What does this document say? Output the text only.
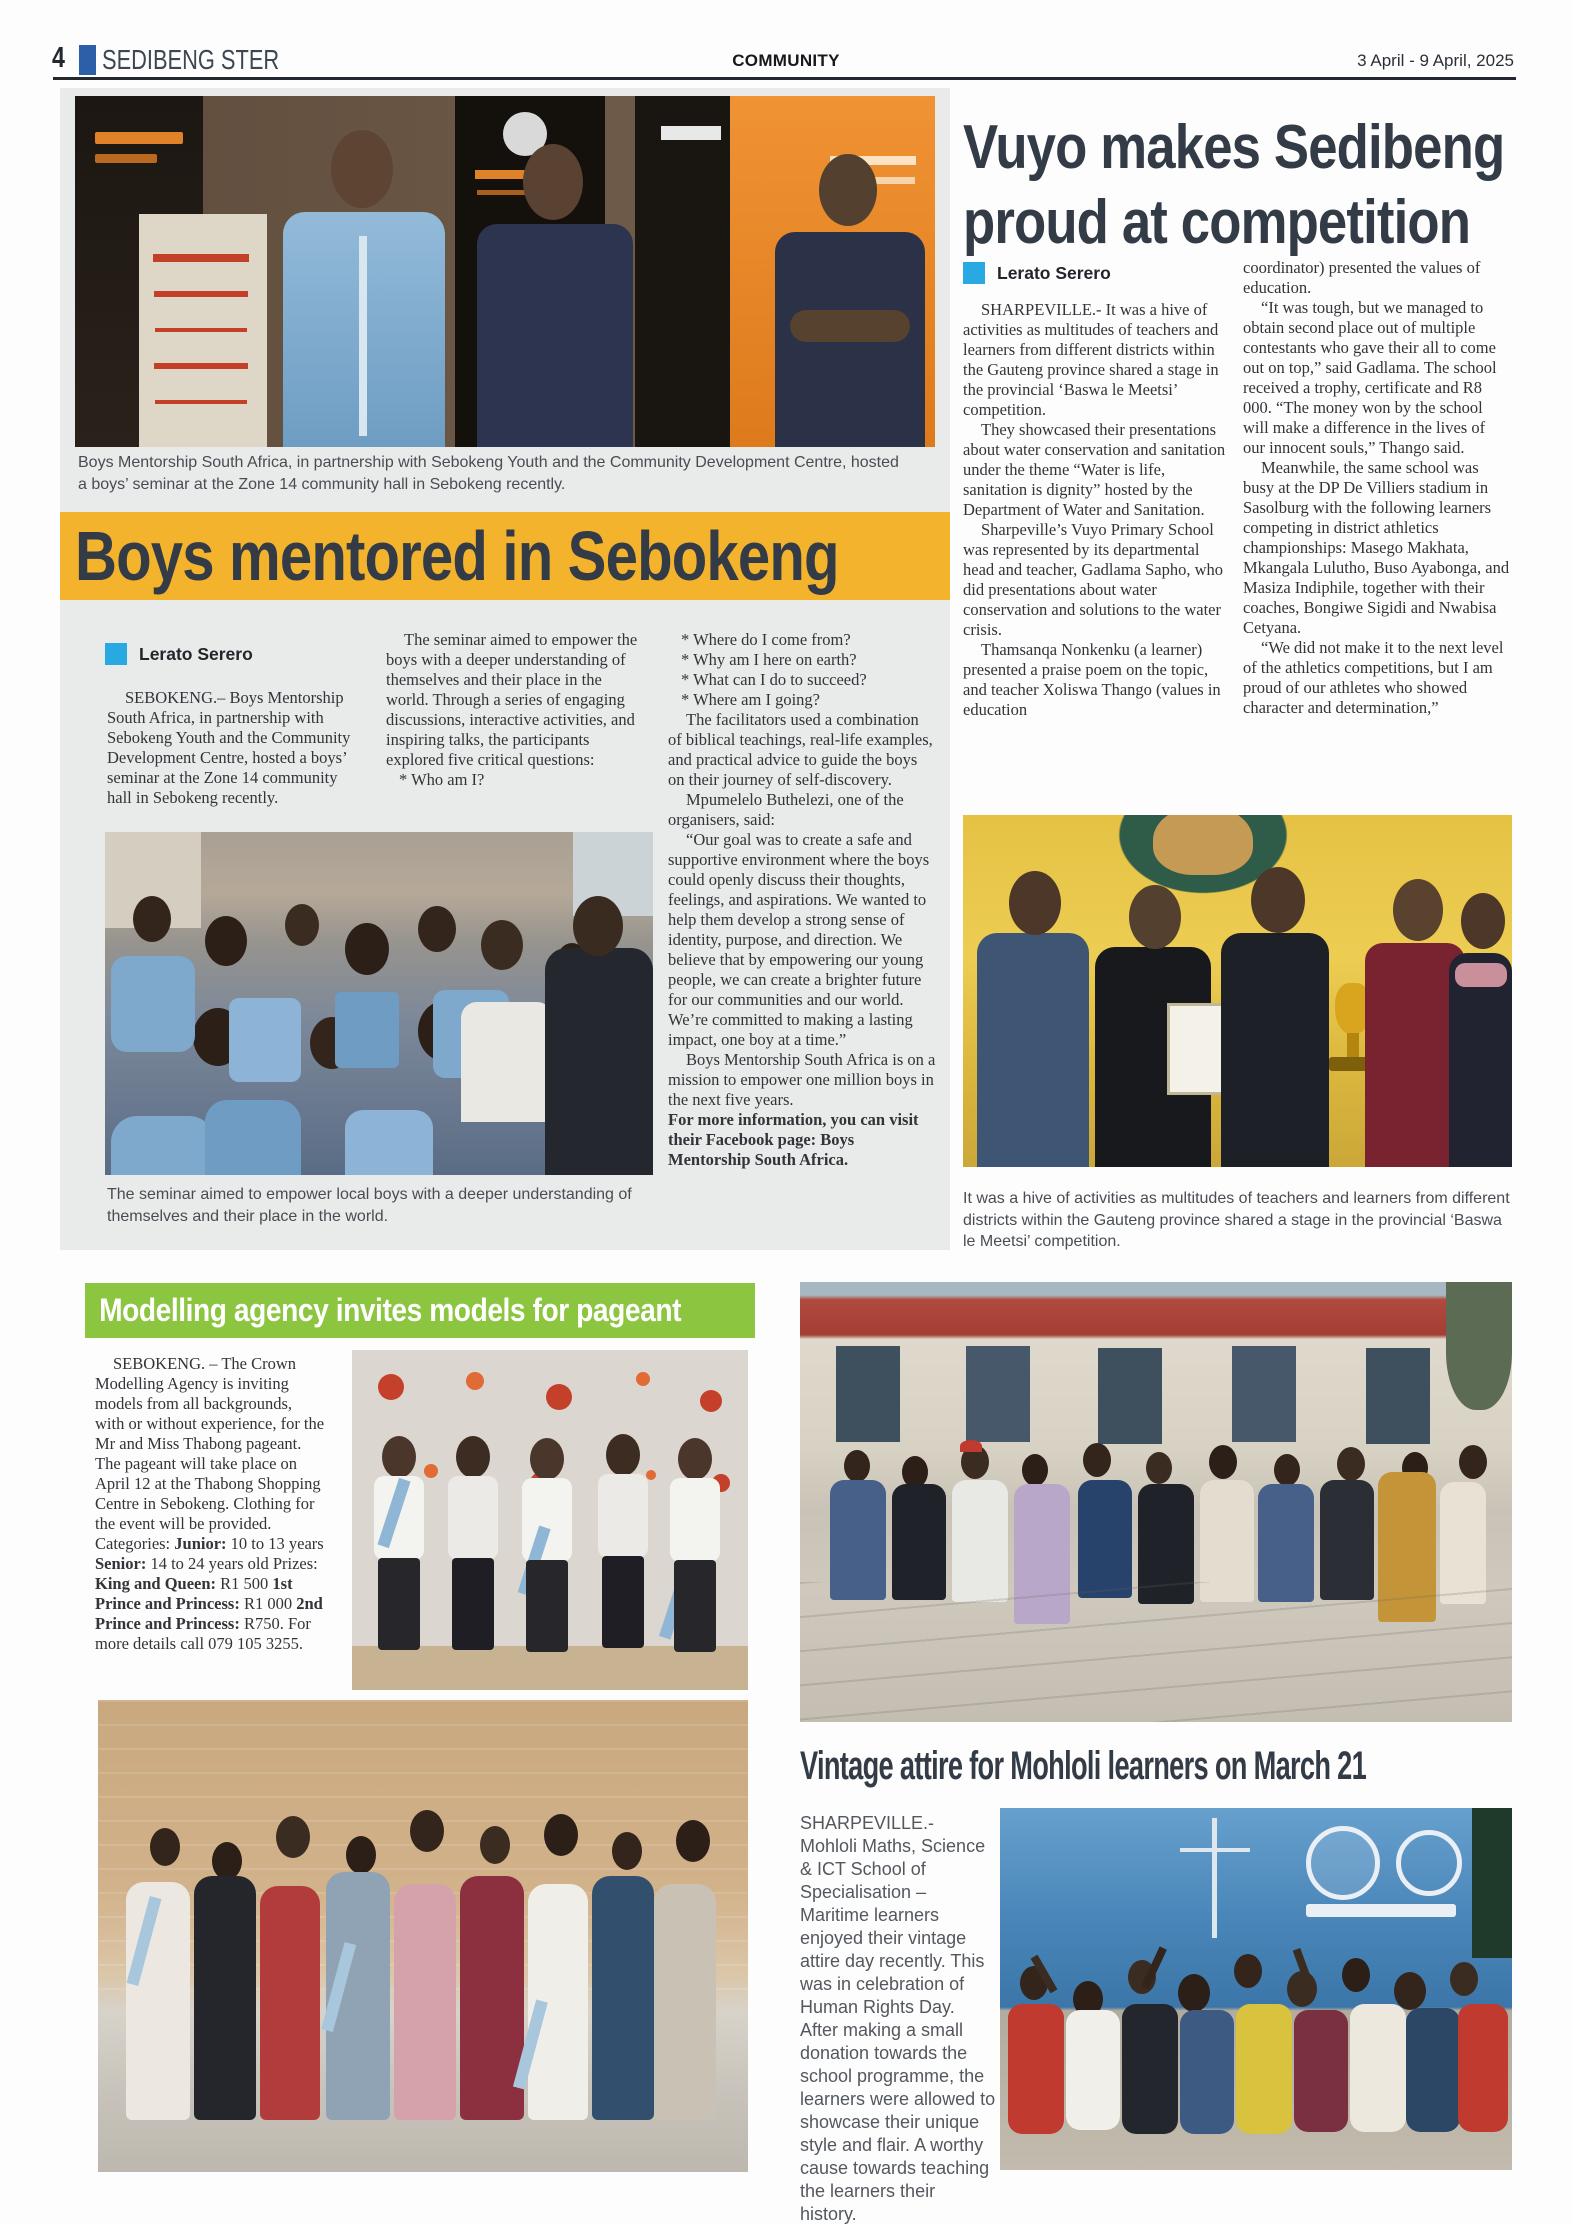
4 SEDIBENG STER	COMMUNITY	3 April - 9 April, 2025
Boys Mentorship South Africa, in partnership with Sebokeng Youth and the Community Development Centre, hosted a boys’ seminar at the Zone 14 community hall in Sebokeng recently.
Boys mentored in Sebokeng
Lerato Serero

SEBOKENG.– Boys Mentorship South Africa, in partnership with Sebokeng Youth and the Community Development Centre, hosted a boys’ seminar at the Zone 14 community hall in Sebokeng recently.

The seminar aimed to empower the boys with a deeper understanding of themselves and their place in the world. Through a series of engaging discussions, interactive activities, and inspiring talks, the participants explored five critical questions:

* Who am I?

* Where do I come from?
* Why am I here on earth?
* What can I do to succeed?
* Where am I going?

The facilitators used a combination of biblical teachings, real-life examples, and practical advice to guide the boys on their journey of self-discovery.

Mpumelelo Buthelezi, one of the organisers, said:

“Our goal was to create a safe and supportive environment where the boys could openly discuss their thoughts, feelings, and aspirations. We wanted to help them develop a strong sense of identity, purpose, and direction. We believe that by empowering our young people, we can create a brighter future for our communities and our world. We’re committed to making a lasting impact, one boy at a time.”

Boys Mentorship South Africa is on a mission to empower one million boys in the next five years.

For more information, you can visit their Facebook page: Boys Mentorship South Africa.

The seminar aimed to empower local boys with a deeper understanding of themselves and their place in the world.
Vuyo makes Sedibeng
proud at competition
Lerato Serero

SHARPEVILLE.- It was a hive of activities as multitudes of teachers and learners from different districts within the Gauteng province shared a stage in the provincial ‘Baswa le Meetsi’ competition.

They showcased their presentations about water conservation and sanitation under the theme “Water is life, sanitation is dignity” hosted by the Department of Water and Sanitation.

Sharpeville’s Vuyo Primary School was represented by its departmental head and teacher, Gadlama Sapho, who did presentations about water conservation and solutions to the water crisis.

Thamsanqa Nonkenku (a learner) presented a praise poem on the topic, and teacher Xoliswa Thango (values in education

coordinator) presented the values of education.

“It was tough, but we managed to obtain second place out of multiple contestants who gave their all to come out on top,” said Gadlama. The school received a trophy, certificate and R8 000. “The money won by the school will make a difference in the lives of our innocent souls,” Thango said.

Meanwhile, the same school was busy at the DP De Villiers stadium in Sasolburg with the following learners competing in district athletics championships: Masego Makhata, Mkangala Lulutho, Buso Ayabonga, and Masiza Indiphile, together with their coaches, Bongiwe Sigidi and Nwabisa Cetyana.

“We did not make it to the next level of the athletics competitions, but I am proud of our athletes who showed character and determination,”

It was a hive of activities as multitudes of teachers and learners from different districts within the Gauteng province shared a stage in the provincial ‘Baswa le Meetsi’ competition.
Modelling agency invites models for pageant

SEBOKENG. – The Crown Modelling Agency is inviting models from all backgrounds, with or without experience, for the Mr and Miss Thabong pageant. The pageant will take place on April 12 at the Thabong Shopping Centre in Sebokeng. Clothing for the event will be provided. Categories: Junior: 10 to 13 years Senior: 14 to 24 years old Prizes: King and Queen: R1 500 1st Prince and Princess: R1 000 2nd Prince and Princess: R750. For more details call 079 105 3255.

Vintage attire for Mohloli learners on March 21
SHARPEVILLE.- Mohloli Maths, Science & ICT School of Specialisation – Maritime learners enjoyed their vintage attire day recently. This was in celebration of Human Rights Day. After making a small donation towards the school programme, the learners were allowed to showcase their unique style and flair. A worthy cause towards teaching the learners their history.
